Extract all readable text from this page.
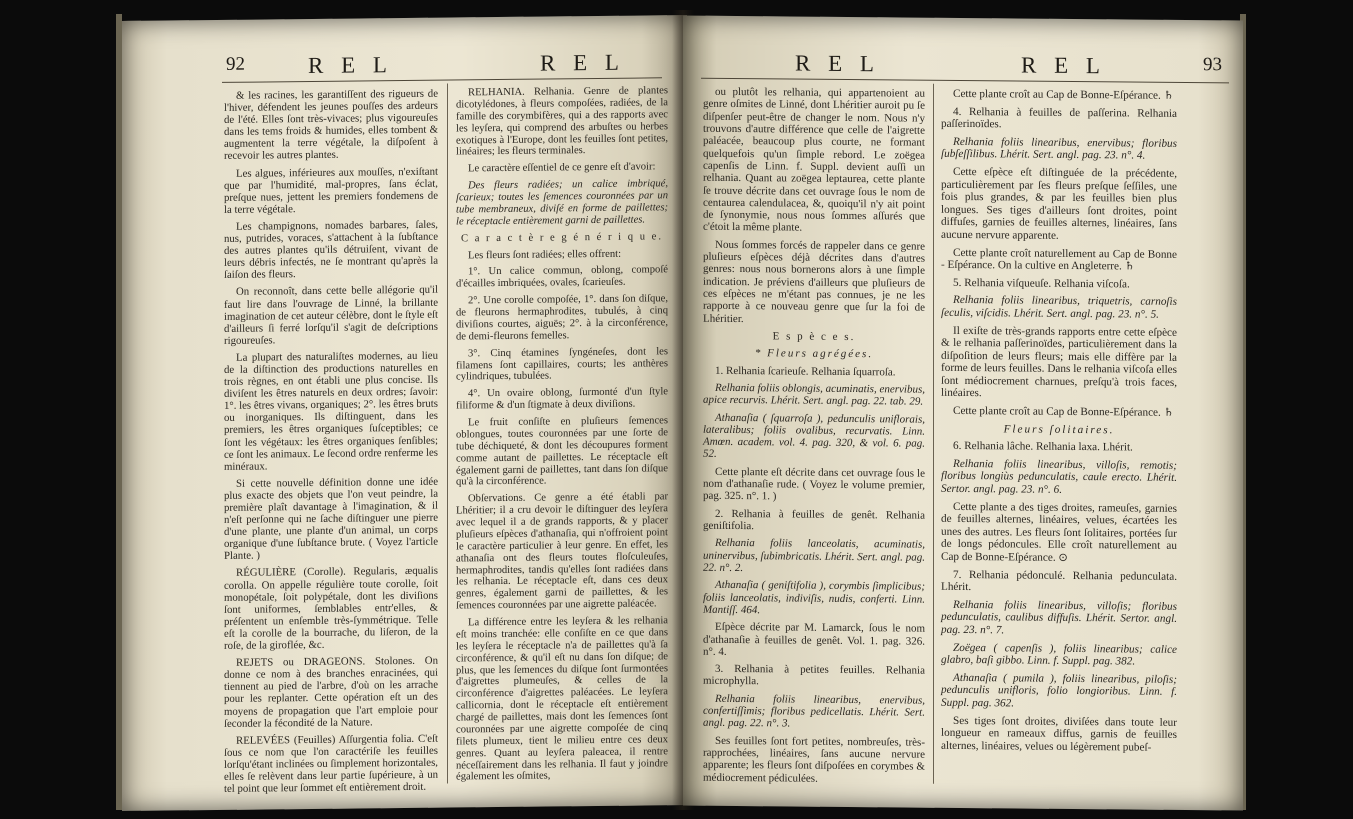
92	R E L	R E L

& les racines, les garantiſſent des rigueurs de l'hiver, défendent les jeunes pouſſes des ardeurs de l'été. Elles ſont très-vivaces; plus vigoureuſes dans les tems froids & humides, elles tombent & augmentent la terre végétale, la diſpoſent à recevoir les autres plantes.

Les algues, inférieures aux mouſſes, n'exiſtant que par l'humidité, mal-propres, ſans éclat, preſque nues, jettent les premiers fondemens de la terre végétale.

Les champignons, nomades barbares, ſales, nus, putrides, voraces, s'attachent à la ſubſtance des autres plantes qu'ils détruiſent, vivant de leurs débris infectés, ne ſe montrant qu'après la ſaiſon des fleurs.

On reconnoît, dans cette belle allégorie qu'il faut lire dans l'ouvrage de Linné, la brillante imagination de cet auteur célèbre, dont le ſtyle eſt d'ailleurs ſi ferré lorſqu'il s'agit de deſcriptions rigoureuſes.

La plupart des naturaliſtes modernes, au lieu de la diſtinction des productions naturelles en trois règnes, en ont établi une plus concise. Ils diviſent les êtres naturels en deux ordres; ſavoir: 1°. les êtres vivans, organiques; 2°. les êtres bruts ou inorganiques. Ils diſtinguent, dans les premiers, les êtres organiques ſuſceptibles; ce ſont les végétaux: les êtres organiques ſenſibles; ce ſont les animaux. Le ſecond ordre renferme les minéraux.

Si cette nouvelle définition donne une idée plus exacte des objets que l'on veut peindre, la première plaît davantage à l'imagination, & il n'eſt perſonne qui ne ſache diſtinguer une pierre d'une plante, une plante d'un animal, un corps organique d'une ſubſtance brute. ( Voyez l'article Plante. )

RÉGULIÈRE (Corolle). Regularis, æqualis corolla. On appelle régulière toute corolle, ſoit monopétale, ſoit polypétale, dont les diviſions ſont uniformes, ſemblables entr'elles, & préſentent un enſemble très-ſymmétrique. Telle eſt la corolle de la bourrache, du liſeron, de la roſe, de la giroflée, &c.

REJETS ou DRAGEONS. Stolones. On donne ce nom à des branches enracinées, qui tiennent au pied de l'arbre, d'où on les arrache pour les replanter. Cette opération eſt un des moyens de propagation que l'art emploie pour ſeconder la fécondité de la Nature.

RELEVÉES (Feuilles) Aſſurgentia folia. C'eſt ſous ce nom que l'on caractériſe les feuilles lorſqu'étant inclinées ou ſimplement horizontales, elles ſe relèvent dans leur partie ſupérieure, à un tel point que leur ſommet eſt entièrement droit.

RELHANIA. Relhania. Genre de plantes dicotylédones, à fleurs compoſées, radiées, de la famille des corymbifères, qui a des rapports avec les leyſera, qui comprend des arbuſtes ou herbes exotiques à l'Europe, dont les feuilles ſont petites, linéaires; les fleurs terminales.

Le caractère eſſentiel de ce genre eſt d'avoir:

Des fleurs radiées; un calice imbriqué, ſcarieux; toutes les ſemences couronnées par un tube membraneux, diviſé en forme de paillettes; le réceptacle entièrement garni de paillettes.

C a r a c t è r e g é n é r i q u e.

Les fleurs ſont radiées; elles offrent:

1°. Un calice commun, oblong, compoſé d'écailles imbriquées, ovales, ſcarieuſes.

2°. Une corolle compoſée, 1°. dans ſon diſque, de fleurons hermaphrodites, tubulés, à cinq diviſions courtes, aiguës; 2°. à la circonférence, de demi-fleurons femelles.

3°. Cinq étamines ſyngéneſes, dont les filamens ſont capillaires, courts; les anthères cylindriques, tubulées.

4°. Un ovaire oblong, ſurmonté d'un ſtyle filiforme & d'un ſtigmate à deux diviſions.

Le fruit conſiſte en pluſieurs ſemences oblongues, toutes couronnées par une ſorte de tube déchiqueté, & dont les découpures forment comme autant de paillettes. Le réceptacle eſt également garni de paillettes, tant dans ſon diſque qu'à la circonférence.

Obſervations. Ce genre a été établi par Lhéritier; il a cru devoir le diſtinguer des leyſera avec lequel il a de grands rapports, & y placer pluſieurs eſpèces d'athanaſia, qui n'offroient point le caractère particulier à leur genre. En effet, les athanaſia ont des fleurs toutes floſculeuſes, hermaphrodites, tandis qu'elles ſont radiées dans les relhania. Le réceptacle eſt, dans ces deux genres, également garni de paillettes, & les ſemences couronnées par une aigrette paléacée.

La différence entre les leyſera & les relhania eſt moins tranchée: elle conſiſte en ce que dans les leyſera le réceptacle n'a de paillettes qu'à ſa circonférence, & qu'il eſt nu dans ſon diſque; de plus, que les ſemences du diſque ſont ſurmontées d'aigrettes plumeuſes, & celles de la circonférence d'aigrettes paléacées. Le leyſera callicornia, dont le réceptacle eſt entièrement chargé de paillettes, mais dont les ſemences ſont couronnées par une aigrette compoſée de cinq filets plumeux, tient le milieu entre ces deux genres. Quant au leyſera paleacea, il rentre néceſſairement dans les relhania. Il faut y joindre également les oſmites,

R E L	R E L	93

ou plutôt les relhania, qui appartenoient au genre oſmites de Linné, dont Lhéritier auroit pu ſe diſpenſer peut-être de changer le nom. Nous n'y trouvons d'autre différence que celle de l'aigrette paléacée, beaucoup plus courte, ne formant quelquefois qu'un ſimple rebord. Le zoëgea capenſis de Linn. f. Suppl. devient auſſi un relhania. Quant au zoëgea leptaurea, cette plante ſe trouve décrite dans cet ouvrage ſous le nom de centaurea calendulacea, &, quoiqu'il n'y ait point de ſynonymie, nous nous ſommes aſſurés que c'étoit la même plante.

Nous ſommes forcés de rappeler dans ce genre pluſieurs eſpèces déjà décrites dans d'autres genres: nous nous bornerons alors à une ſimple indication. Je préviens d'ailleurs que pluſieurs de ces eſpèces ne m'étant pas connues, je ne les rapporte à ce nouveau genre que ſur la foi de Lhéritier.

E s p è c e s.

* Fleurs agrégées.

1. Relhania ſcarieuſe. Relhania ſquarroſa.

Relhania foliis oblongis, acuminatis, enervibus, apice recurvis. Lhérit. Sert. angl. pag. 22. tab. 29.

Athanaſia ( ſquarroſa ), pedunculis uniflorais, lateralibus; foliis ovalibus, recurvatis. Linn. Amœn. academ. vol. 4. pag. 320, & vol. 6. pag. 52.

Cette plante eſt décrite dans cet ouvrage ſous le nom d'athanaſie rude. ( Voyez le volume premier, pag. 325. n°. 1. )

2. Relhania à feuilles de genêt. Relhania geniſtifolia.

Relhania foliis lanceolatis, acuminatis, uninervibus, ſubimbricatis. Lhérit. Sert. angl. pag. 22. n°. 2.

Athanaſia ( geniſtifolia ), corymbis ſimplicibus; foliis lanceolatis, indiviſis, nudis, conferti. Linn. Mantiſſ. 464.

Eſpèce décrite par M. Lamarck, ſous le nom d'athanaſie à feuilles de genêt. Vol. 1. pag. 326. n°. 4.

3. Relhania à petites feuilles. Relhania microphylla.

Relhania foliis linearibus, enervibus, confertiſſimis; floribus pedicellatis. Lhérit. Sert. angl. pag. 22. n°. 3.

Ses feuilles ſont fort petites, nombreuſes, très-rapprochées, linéaires, ſans aucune nervure apparente; les fleurs ſont diſpoſées en corymbes & médiocrement pédiculées.

Cette plante croît au Cap de Bonne-Eſpérance. ♄

4. Relhania à feuilles de paſſerina. Relhania paſſerinoïdes.

Relhania foliis linearibus, enervibus; floribus ſubſeſſilibus. Lhérit. Sert. angl. pag. 23. n°. 4.

Cette eſpèce eſt diſtinguée de la précédente, particulièrement par ſes fleurs preſque ſeſſiles, une fois plus grandes, & par les feuilles bien plus longues. Ses tiges d'ailleurs ſont droites, point diffuſes, garnies de feuilles alternes, linéaires, ſans aucune nervure apparente.

Cette plante croît naturellement au Cap de Bonne - Eſpérance. On la cultive en Angleterre. ♄

5. Relhania viſqueuſe. Relhania viſcoſa.

Relhania foliis linearibus, triquetris, carnoſis ſeculis, viſcidis. Lhérit. Sert. angl. pag. 23. n°. 5.

Il exiſte de très-grands rapports entre cette eſpèce & le relhania paſſerinoïdes, particulièrement dans la diſpoſition de leurs fleurs; mais elle diffère par la forme de leurs feuilles. Dans le relhania viſcoſa elles ſont médiocrement charnues, preſqu'à trois faces, linéaires.

Cette plante croît au Cap de Bonne-Eſpérance. ♄

Fleurs ſolitaires.

6. Relhania lâche. Relhania laxa. Lhérit.

Relhania foliis linearibus, villoſis, remotis; floribus longiùs pedunculatis, caule erecto. Lhérit. Sertor. angl. pag. 23. n°. 6.

Cette plante a des tiges droites, rameuſes, garnies de feuilles alternes, linéaires, velues, écartées les unes des autres. Les fleurs ſont ſolitaires, portées ſur de longs pédoncules. Elle croît naturellement au Cap de Bonne-Eſpérance. ⊙

7. Relhania pédonculé. Relhania pedunculata. Lhérit.

Relhania foliis linearibus, villoſis; floribus pedunculatis, caulibus diffuſis. Lhérit. Sertor. angl. pag. 23. n°. 7.

Zoëgea ( capenſis ), foliis linearibus; calice glabro, baſi gibbo. Linn. f. Suppl. pag. 382.

Athanaſia ( pumila ), foliis linearibus, piloſis; pedunculis unifloris, folio longioribus. Linn. f. Suppl. pag. 362.

Ses tiges ſont droites, diviſées dans toute leur longueur en rameaux diffus, garnis de feuilles alternes, linéaires, velues ou légèrement pubeſ-
